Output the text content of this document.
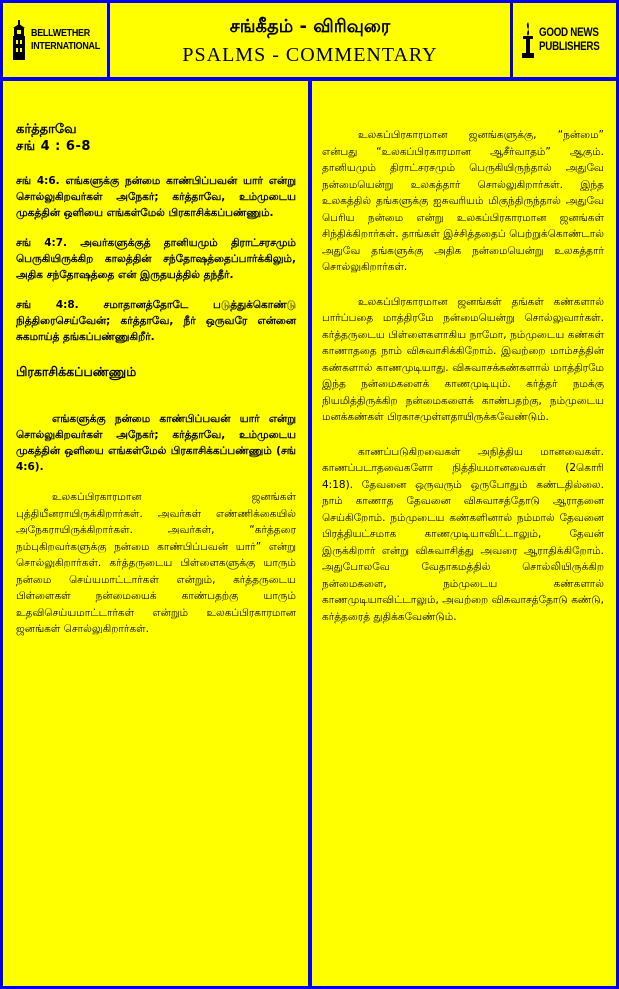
BELLWETHER
INTERNATIONAL
சங்கீதம் - விரிவுரை
PSALMS - COMMENTARY
GOOD NEWS
PUBLISHERS
கர்த்தாவே
சங் 4 : 6-8

சங் 4:6. எங்களுக்கு நன்மை காண்பிப்பவன் யார் என்று சொல்லுகிறவர்கள் அநேகர்; கர்த்தாவே, உம்முடைய முகத்தின் ஒளியை எங்கள்மேல் பிரகாசிக்கப்பண்ணும்.

சங் 4:7. அவர்களுக்குத் தானியமும் திராட்சரசமும் பெருகியிருக்கிற காலத்தின் சந்தோஷத்தைப்பார்க்கிலும், அதிக சந்தோஷத்தை என் இருதயத்தில் தந்தீர்.

சங் 4:8. சமாதானத்தோடே படுத்துக்கொண்டு நித்திரைசெய்வேன்; கர்த்தாவே, நீர் ஒருவரே என்னை சுகமாய்த் தங்கப்பண்ணுகிறீர்.

பிரகாசிக்கப்பண்ணும்

எங்களுக்கு நன்மை காண்பிப்பவன் யார் என்று சொல்லுகிறவர்கள் அநேகர்; கர்த்தாவே, உம்முடைய முகத்தின் ஒளியை எங்கள்மேல் பிரகாசிக்கப்பண்ணும் (சங் 4:6).

உலகப்பிரகாரமான ஜனங்கள் புத்தியீனராயிருக்கிறார்கள். அவர்கள் எண்ணிக்கையில் அநேகராயிருக்கிறார்கள். அவர்கள், “கர்த்தரை நம்புகிறவர்களுக்கு நன்மை காண்பிப்பவன் யார்” என்று சொல்லுகிறார்கள். கர்த்தருடைய பிள்ளைகளுக்கு யாரும் நன்மை செய்யமாட்டார்கள் என்றும், கர்த்தருடைய பிள்ளைகள் நன்மையைக் காண்பதற்கு யாரும் உதவிசெய்யமாட்டார்கள் என்றும் உலகப்பிரகாரமான ஜனங்கள் சொல்லுகிறார்கள்.

உலகப்பிரகாரமான ஜனங்களுக்கு, “நன்மை” என்பது “உலகப்பிரகாரமான ஆசீர்வாதம்” ஆகும். தானியமும் திராட்சரசமும் பெருகியிருந்தால் அதுவே நன்மையென்று உலகத்தார் சொல்லுகிறார்கள். இந்த உலகத்தில் தங்களுக்கு ஐசுவரியம் மிகுந்திருந்தால் அதுவே பெரிய நன்மை என்று உலகப்பிரகாரமான ஜனங்கள் சிந்திக்கிறார்கள். தாங்கள் இச்சித்ததைப் பெற்றுக்கொண்டால் அதுவே தங்களுக்கு அதிக நன்மையென்று உலகத்தார் சொல்லுகிறார்கள்.

உலகப்பிரகாரமான ஜனங்கள் தங்கள் கண்களால் பார்ப்பதை மாத்திரமே நன்மையென்று சொல்லுவார்கள். கர்த்தருடைய பிள்ளைகளாகிய நாமோ, நம்முடைய கண்கள் காணாததை நாம் விசுவாசிக்கிறோம். இவற்றை மாம்சத்தின் கண்களால் காணமுடியாது. விசுவாசக்கண்களால் மாத்திரமே இந்த நன்மைகளைக் காணமுடியும். கர்த்தர் நமக்கு நியமித்திருக்கிற நன்மைகளைக் காண்பதற்கு, நம்முடைய மனக்கண்கள் பிரகாசமுள்ளதாயிருக்கவேண்டும்.

காணப்படுகிறவைகள் அநித்திய மானவைகள். காணப்படாதவைகளோ நித்தியமானவைகள் (2கொரி 4:18). தேவனை ஒருவரும் ஒருபோதும் கண்டதில்லை. நாம் காணாத தேவனை விசுவாசத்தோடு ஆராதனை செய்கிறோம். நம்முடைய கண்களினால் நம்மால் தேவனை பிரத்தியட்சமாக காணமுடியாவிட்டாலும், தேவன் இருக்கிறார் என்று விசுவாசித்து அவரை ஆராதிக்கிறோம். அதுபோலவே வேதாகமத்தில் சொல்லியிருக்கிற நன்மைகளை, நம்முடைய கண்களால் காணமுடியாவிட்டாலும், அவற்றை விசுவாசத்தோடு கண்டு, கர்த்தரைத் துதிக்கவேண்டும்.
